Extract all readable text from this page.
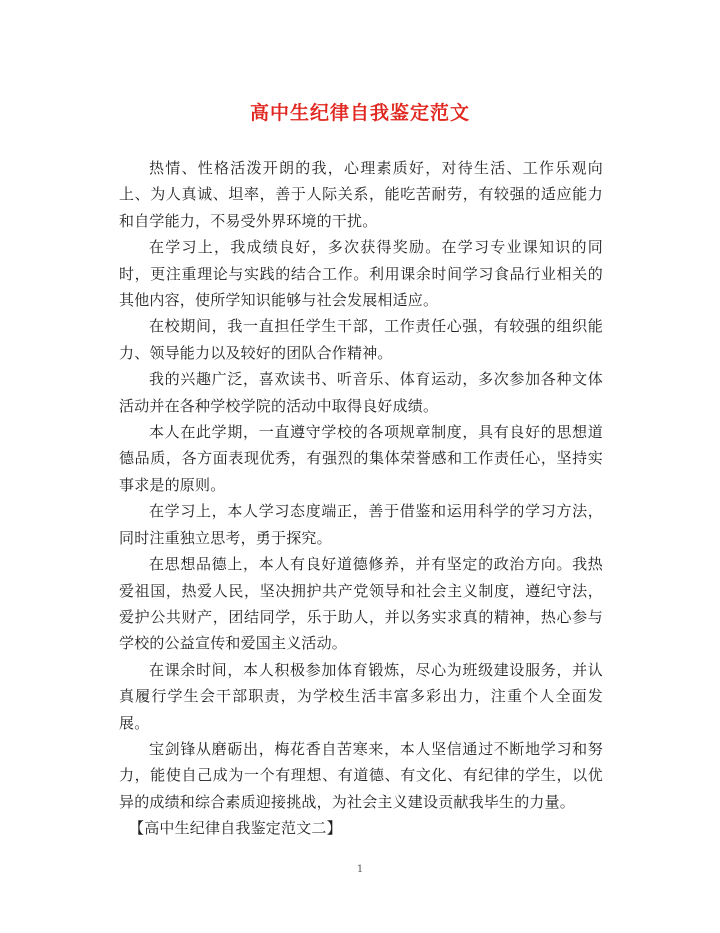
高中生纪律自我鉴定范文

热情、性格活泼开朗的我，心理素质好，对待生活、工作乐观向上、为人真诚、坦率，善于人际关系，能吃苦耐劳，有较强的适应能力和自学能力，不易受外界环境的干扰。

在学习上，我成绩良好，多次获得奖励。在学习专业课知识的同时，更注重理论与实践的结合工作。利用课余时间学习食品行业相关的其他内容，使所学知识能够与社会发展相适应。

在校期间，我一直担任学生干部，工作责任心强，有较强的组织能力、领导能力以及较好的团队合作精神。

我的兴趣广泛，喜欢读书、听音乐、体育运动，多次参加各种文体活动并在各种学校学院的活动中取得良好成绩。

本人在此学期，一直遵守学校的各项规章制度，具有良好的思想道德品质，各方面表现优秀，有强烈的集体荣誉感和工作责任心，坚持实事求是的原则。

在学习上，本人学习态度端正，善于借鉴和运用科学的学习方法，同时注重独立思考，勇于探究。

在思想品德上，本人有良好道德修养，并有坚定的政治方向。我热爱祖国，热爱人民，坚决拥护共产党领导和社会主义制度，遵纪守法，爱护公共财产，团结同学，乐于助人，并以务实求真的精神，热心参与学校的公益宣传和爱国主义活动。

在课余时间，本人积极参加体育锻炼，尽心为班级建设服务，并认真履行学生会干部职责，为学校生活丰富多彩出力，注重个人全面发展。

宝剑锋从磨砺出，梅花香自苦寒来，本人坚信通过不断地学习和努力，能使自己成为一个有理想、有道德、有文化、有纪律的学生，以优异的成绩和综合素质迎接挑战，为社会主义建设贡献我毕生的力量。

【高中生纪律自我鉴定范文二】

1
